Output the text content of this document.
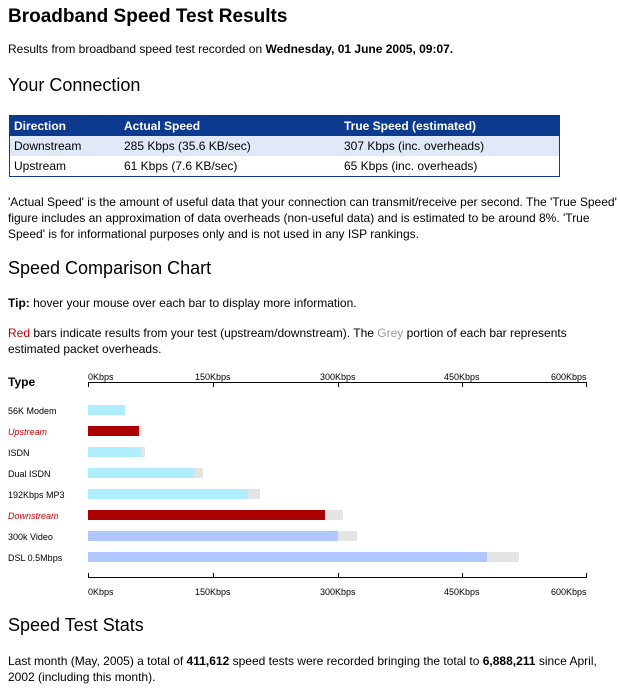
Broadband Speed Test Results
Results from broadband speed test recorded on Wednesday, 01 June 2005, 09:07.
Your Connection
Direction	Actual Speed	True Speed (estimated)
Downstream	285 Kbps (35.6 KB/sec)	307 Kbps (inc. overheads)
Upstream	61 Kbps (7.6 KB/sec)	65 Kbps (inc. overheads)

'Actual Speed' is the amount of useful data that your connection can transmit/receive per second. The 'True Speed' figure includes an approximation of data overheads (non-useful data) and is estimated to be around 8%. 'True Speed' is for informational purposes only and is not used in any ISP rankings.

Speed Comparison Chart
Tip: hover your mouse over each bar to display more information.

Red bars indicate results from your test (upstream/downstream). The Grey portion of each bar represents estimated packet overheads.

Type	0Kbps	150Kbps	300Kbps	450Kbps	600Kbps
0Kbps	150Kbps	300Kbps	450Kbps	600Kbps
56K Modem
Upstream
ISDN
Dual ISDN
192Kbps MP3
Downstream
300k Video
DSL 0.5Mbps
Speed Test Stats

Last month (May, 2005) a total of 411,612 speed tests were recorded bringing the total to 6,888,211 since April, 2002 (including this month).
